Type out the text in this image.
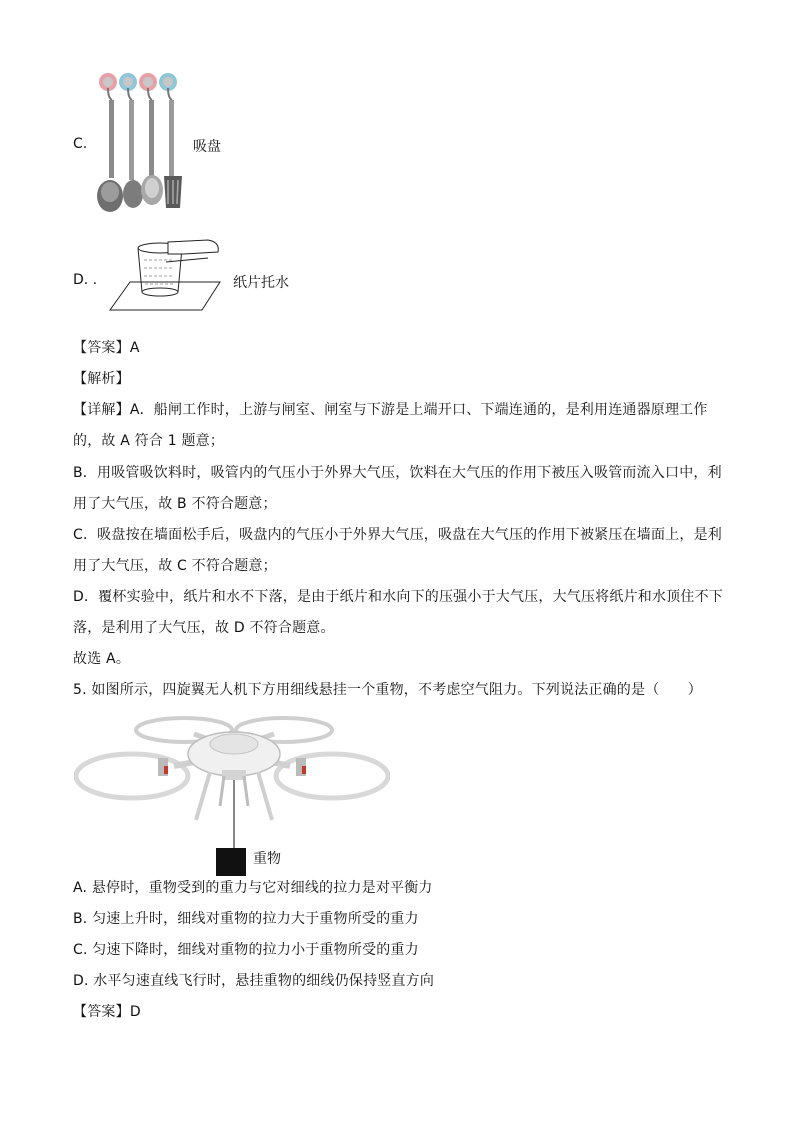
C.	吸盘
D. .	纸片托水
【答案】A
【解析】
【详解】A．船闸工作时，上游与闸室、闸室与下游是上端开口、下端连通的，是利用连通器原理工作
的，故 A 符合 1 题意；
B．用吸管吸饮料时，吸管内的气压小于外界大气压，饮料在大气压的作用下被压入吸管而流入口中，利
用了大气压，故 B 不符合题意；
C．吸盘按在墙面松手后，吸盘内的气压小于外界大气压，吸盘在大气压的作用下被紧压在墙面上，是利
用了大气压，故 C 不符合题意；
D．覆杯实验中，纸片和水不下落，是由于纸片和水向下的压强小于大气压，大气压将纸片和水顶住不下
落，是利用了大气压，故 D 不符合题意。
故选 A。
5. 如图所示，四旋翼无人机下方用细线悬挂一个重物，不考虑空气阻力。下列说法正确的是（　　）
重物
A. 悬停时，重物受到的重力与它对细线的拉力是对平衡力
B. 匀速上升时，细线对重物的拉力大于重物所受的重力
C. 匀速下降时，细线对重物的拉力小于重物所受的重力
D. 水平匀速直线飞行时，悬挂重物的细线仍保持竖直方向
【答案】D
